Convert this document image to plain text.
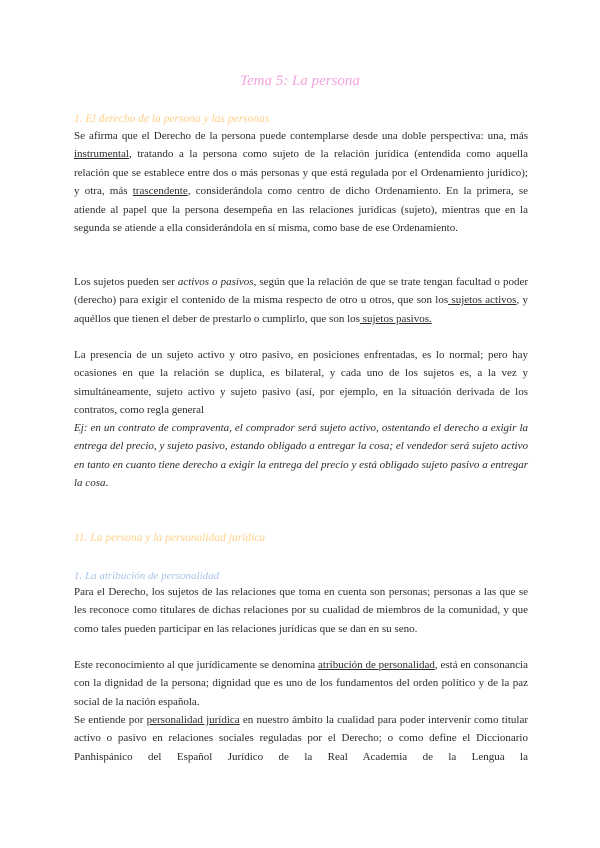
Tema 5: La persona
1. El derecho de la persona y las personas

Se afirma que el Derecho de la persona puede contemplarse desde una doble perspectiva: una, más instrumental, tratando a la persona como sujeto de la relación jurídica (entendida como aquella relación que se establece entre dos o más personas y que está regulada por el Ordenamiento jurídico); y otra, más trascendente, considerándola como centro de dicho Ordenamiento. En la primera, se atiende al papel que la persona desempeña en las relaciones jurídicas (sujeto), mientras que en la segunda se atiende a ella considerándola en sí misma, como base de ese Ordenamiento.

Los sujetos pueden ser activos o pasivos, según que la relación de que se trate tengan facultad o poder (derecho) para exigir el contenido de la misma respecto de otro u otros, que son los sujetos activos, y aquéllos que tienen el deber de prestarlo o cumplirlo, que son los sujetos pasivos.

La presencia de un sujeto activo y otro pasivo, en posiciones enfrentadas, es lo normal; pero hay ocasiones en que la relación se duplica, es bilateral, y cada uno de los sujetos es, a la vez y simultáneamente, sujeto activo y sujeto pasivo (así, por ejemplo, en la situación derivada de los contratos, como regla general

Ej: en un contrato de compraventa, el comprador será sujeto activo, ostentando el derecho a exigir la entrega del precio, y sujeto pasivo, estando obligado a entregar la cosa; el vendedor será sujeto activo en tanto en cuanto tiene derecho a exigir la entrega del precio y está obligado sujeto pasivo a entregar la cosa.

11. La persona y la personalidad jurídica
1. La atribución de personalidad

Para el Derecho, los sujetos de las relaciones que toma en cuenta son personas; personas a las que se les reconoce como titulares de dichas relaciones por su cualidad de miembros de la comunidad, y que como tales pueden participar en las relaciones jurídicas que se dan en su seno.

Este reconocimiento al que jurídicamente se denomina atribución de personalidad, está en consonancia con la dignidad de la persona; dignidad que es uno de los fundamentos del orden político y de la paz social de la nación española.

Se entiende por personalidad jurídica en nuestro ámbito la cualidad para poder intervenir como titular activo o pasivo en relaciones sociales reguladas por el Derecho; o como define el Diccionario Panhispánico del Español Jurídico de la Real Academia de la Lengua la
